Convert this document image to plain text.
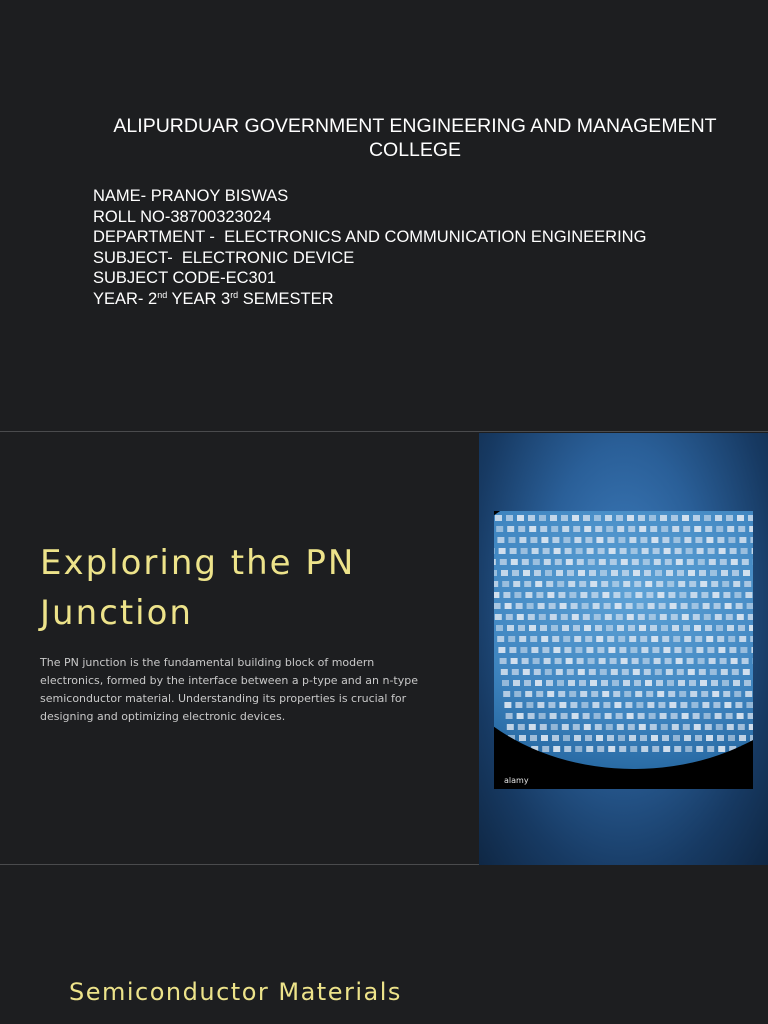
ALIPURDUAR GOVERNMENT ENGINEERING AND MANAGEMENT COLLEGE
NAME- PRANOY BISWAS
ROLL NO-38700323024
DEPARTMENT -  ELECTRONICS AND COMMUNICATION ENGINEERING
SUBJECT-  ELECTRONIC DEVICE
SUBJECT CODE-EC301
YEAR- 2nd YEAR 3rd SEMESTER
Exploring the PN Junction
The PN junction is the fundamental building block of modern electronics, formed by the interface between a p-type and an n-type semiconductor material. Understanding its properties is crucial for designing and optimizing electronic devices.
alamy
Semiconductor Materials
